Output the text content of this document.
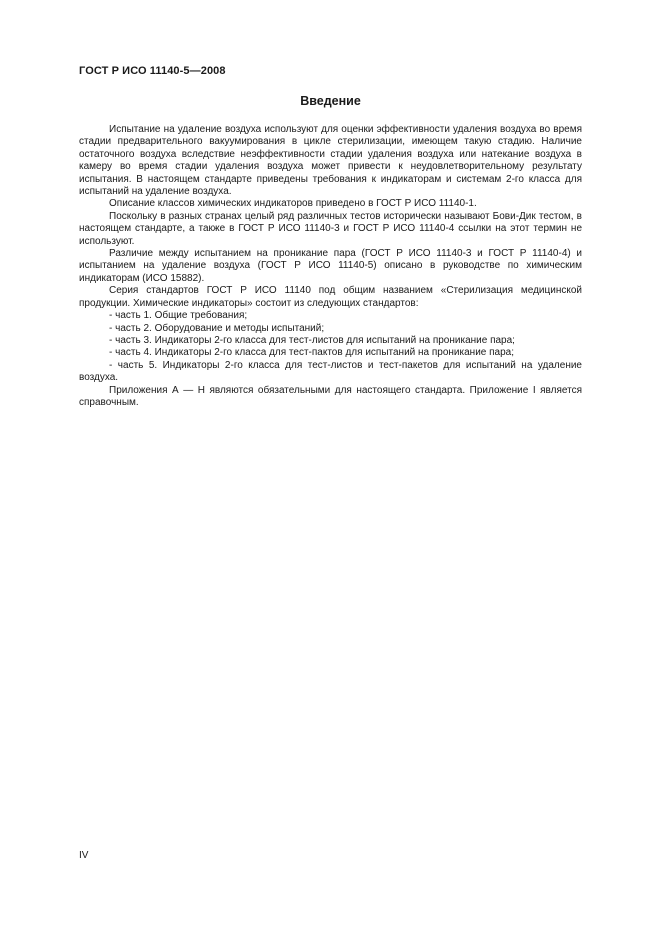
ГОСТ Р ИСО 11140-5—2008
Введение

Испытание на удаление воздуха используют для оценки эффективности удаления воздуха во время стадии предварительного вакуумирования в цикле стерилизации, имеющем такую стадию. Наличие остаточного воздуха вследствие неэффективности стадии удаления воздуха или натекание воздуха в камеру во время стадии удаления воздуха может привести к неудовлетворительному результату испытания. В настоящем стандарте приведены требования к индикаторам и системам 2-го класса для испытаний на удаление воздуха.

Описание классов химических индикаторов приведено в ГОСТ Р ИСО 11140-1.

Поскольку в разных странах целый ряд различных тестов исторически называют Бови-Дик тестом, в настоящем стандарте, а также в ГОСТ Р ИСО 11140-3 и ГОСТ Р ИСО 11140-4 ссылки на этот термин не используют.

Различие между испытанием на проникание пара (ГОСТ Р ИСО 11140-3 и ГОСТ Р 11140-4) и испытанием на удаление воздуха (ГОСТ Р ИСО 11140-5) описано в руководстве по химическим индикаторам (ИСО 15882).

Серия стандартов ГОСТ Р ИСО 11140 под общим названием «Стерилизация медицинской продукции. Химические индикаторы» состоит из следующих стандартов:

- часть 1. Общие требования;
- часть 2. Оборудование и методы испытаний;
- часть 3. Индикаторы 2-го класса для тест-листов для испытаний на проникание пара;
- часть 4. Индикаторы 2-го класса для тест-пактов для испытаний на проникание пара;
- часть 5. Индикаторы 2-го класса для тест-листов и тест-пакетов для испытаний на удаление воздуха.

Приложения А — Н являются обязательными для настоящего стандарта. Приложение I является справочным.

IV
